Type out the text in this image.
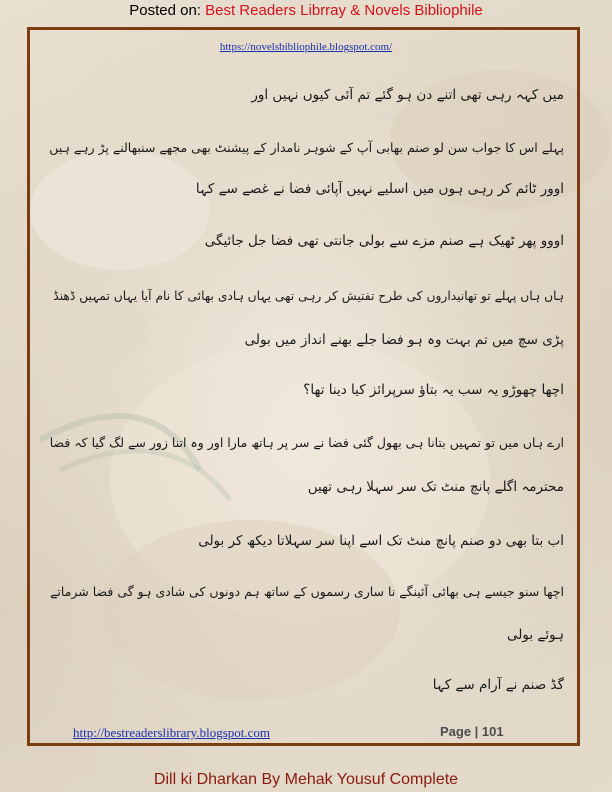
Posted on: Best Readers Librray & Novels Bibliophile
https://novelsbibliophile.blogspot.com/
میں کہہ رہی تھی اتنے دن ہو گئے تم آئی کیوں نہیں اور
پہلے اس کا جواب سن لو صنم بھابی آپ کے شوہر نامدار کے پیشنٹ بھی مجھے سنبھالنے پڑ رہے ہیں
اوور ٹائم کر رہی ہوں میں اسلیے نہیں آپائی فضا نے غصے سے کہا
اووو پھر ٹھیک ہے صنم مزے سے بولی جانتی تھی فضا جل جائیگی
ہاں ہاں پہلے تو تھانیداروں کی طرح تفتیش کر رہی تھی یہاں ہادی بھائی کا نام آیا یہاں تمہیں ڈھنڈ
پڑی سچ میں تم بہت وہ ہو فضا جلے بھنے انداز میں بولی
اچھا چھوڑو یہ سب یہ بتاؤ سرپرائز کیا دینا تھا؟
ارے ہاں میں تو تمہیں بتانا ہی بھول گئی فضا نے سر پر ہاتھ مارا اور وہ اتنا زور سے لگ گیا کہ فضا
محترمہ اگلے پانچ منٹ تک سر سہلا رہی تھیں
اب بتا بھی دو صنم پانچ منٹ تک اسے اپنا سر سہلاتا دیکھ کر بولی
اچھا سنو جیسے ہی بھائی آئینگے نا ساری رسموں کے ساتھ ہم دونوں کی شادی ہو گی فضا شرماتے
ہوئے بولی
گڈ صنم نے آرام سے کہا
http://bestreaderslibrary.blogspot.com	Page | 101
Dill ki Dharkan By Mehak Yousuf Complete
